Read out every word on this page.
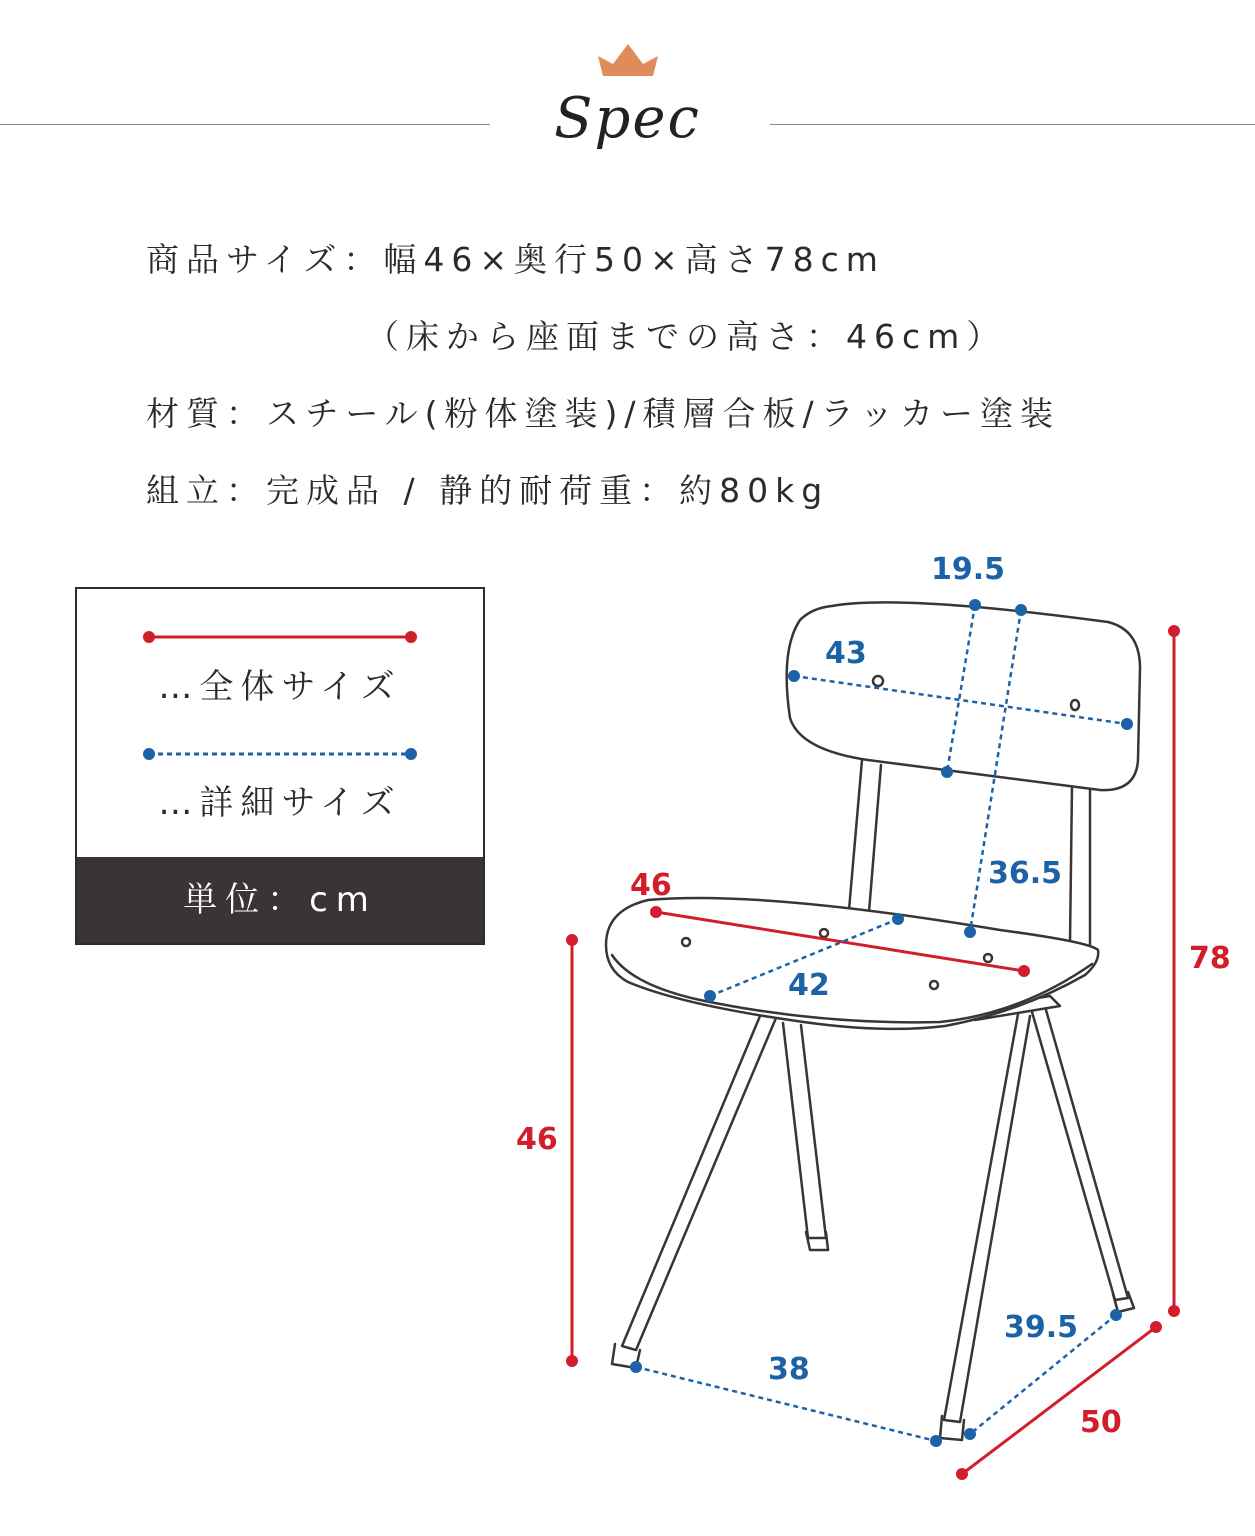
Spec
商品サイズ：幅46×奥行50×高さ78cm
（床から座面までの高さ：46cm）
材質：スチール(粉体塗装)/積層合板/ラッカー塗装
組立：完成品 / 静的耐荷重：約80kg
…全体サイズ
…詳細サイズ
単位：cm
19.5
43
36.5
46
42
78
46
39.5
38
50
